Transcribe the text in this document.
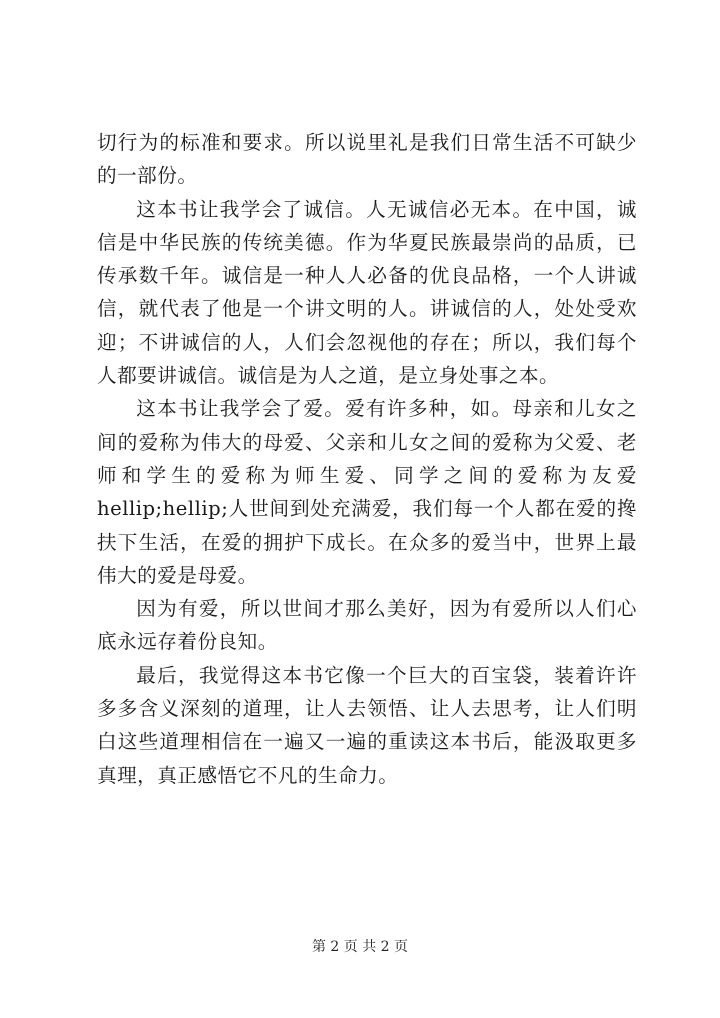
切行为的标准和要求。所以说里礼是我们日常生活不可缺少的一部份。

这本书让我学会了诚信。人无诚信必无本。在中国，诚信是中华民族的传统美德。作为华夏民族最崇尚的品质，已传承数千年。诚信是一种人人必备的优良品格，一个人讲诚信，就代表了他是一个讲文明的人。讲诚信的人，处处受欢迎；不讲诚信的人，人们会忽视他的存在；所以，我们每个人都要讲诚信。诚信是为人之道，是立身处事之本。

这本书让我学会了爱。爱有许多种，如。母亲和儿女之间的爱称为伟大的母爱、父亲和儿女之间的爱称为父爱、老师和学生的爱称为师生爱、同学之间的爱称为友爱hellip;hellip;人世间到处充满爱，我们每一个人都在爱的搀扶下生活，在爱的拥护下成长。在众多的爱当中，世界上最伟大的爱是母爱。

因为有爱，所以世间才那么美好，因为有爱所以人们心底永远存着份良知。

最后，我觉得这本书它像一个巨大的百宝袋，装着许许多多含义深刻的道理，让人去领悟、让人去思考，让人们明白这些道理相信在一遍又一遍的重读这本书后，能汲取更多真理，真正感悟它不凡的生命力。

第 2 页 共 2 页
